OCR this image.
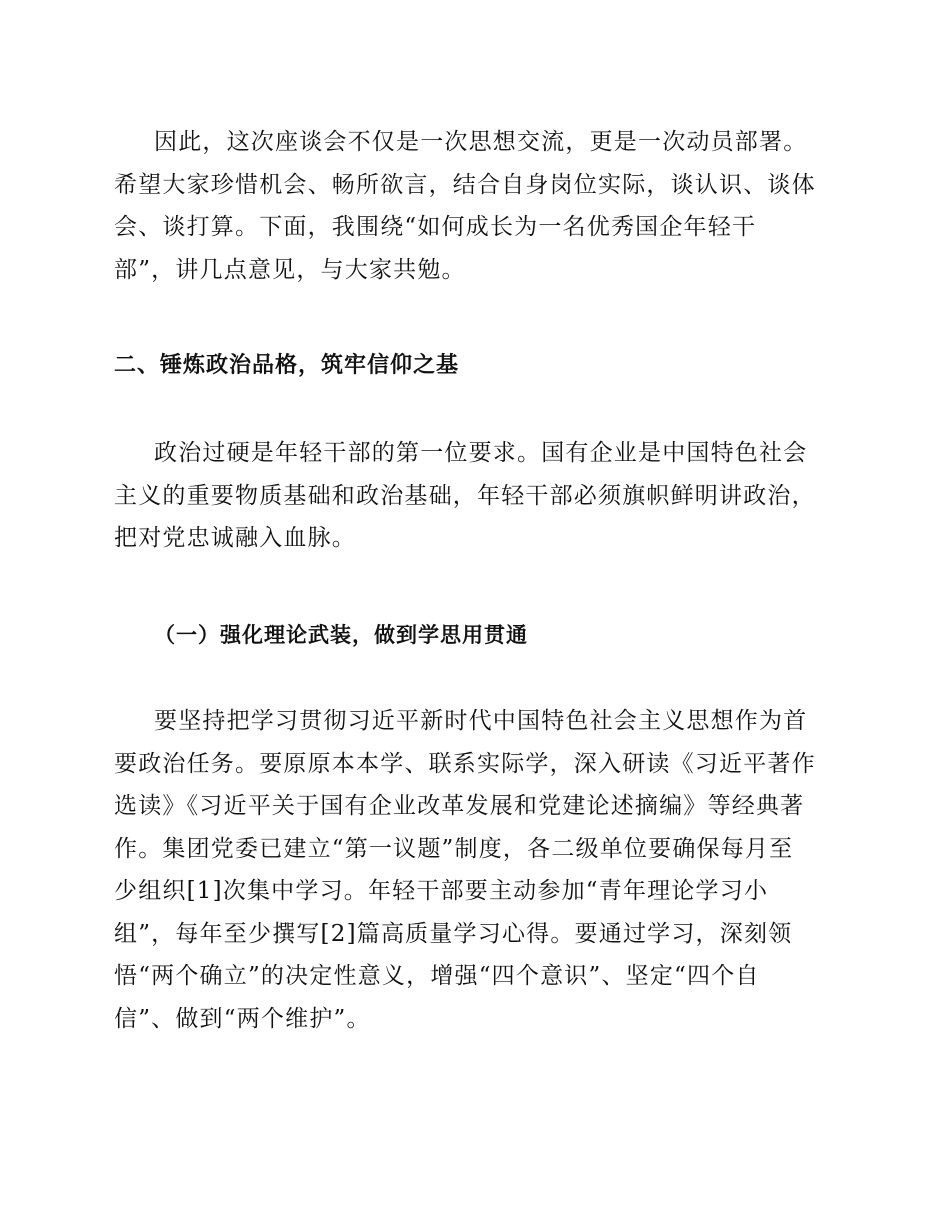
因此，这次座谈会不仅是一次思想交流，更是一次动员部署。
希望大家珍惜机会、畅所欲言，结合自身岗位实际，谈认识、谈体
会、谈打算。下面，我围绕“如何成长为一名优秀国企年轻干
部”，讲几点意见，与大家共勉。
二、锤炼政治品格，筑牢信仰之基
政治过硬是年轻干部的第一位要求。国有企业是中国特色社会
主义的重要物质基础和政治基础，年轻干部必须旗帜鲜明讲政治，
把对党忠诚融入血脉。
（一）强化理论武装，做到学思用贯通
要坚持把学习贯彻习近平新时代中国特色社会主义思想作为首
要政治任务。要原原本本学、联系实际学，深入研读《习近平著作
选读》《习近平关于国有企业改革发展和党建论述摘编》等经典著
作。集团党委已建立“第一议题”制度，各二级单位要确保每月至
少组织[1]次集中学习。年轻干部要主动参加“青年理论学习小
组”，每年至少撰写[2]篇高质量学习心得。要通过学习，深刻领
悟“两个确立”的决定性意义，增强“四个意识”、坚定“四个自
信”、做到“两个维护”。
